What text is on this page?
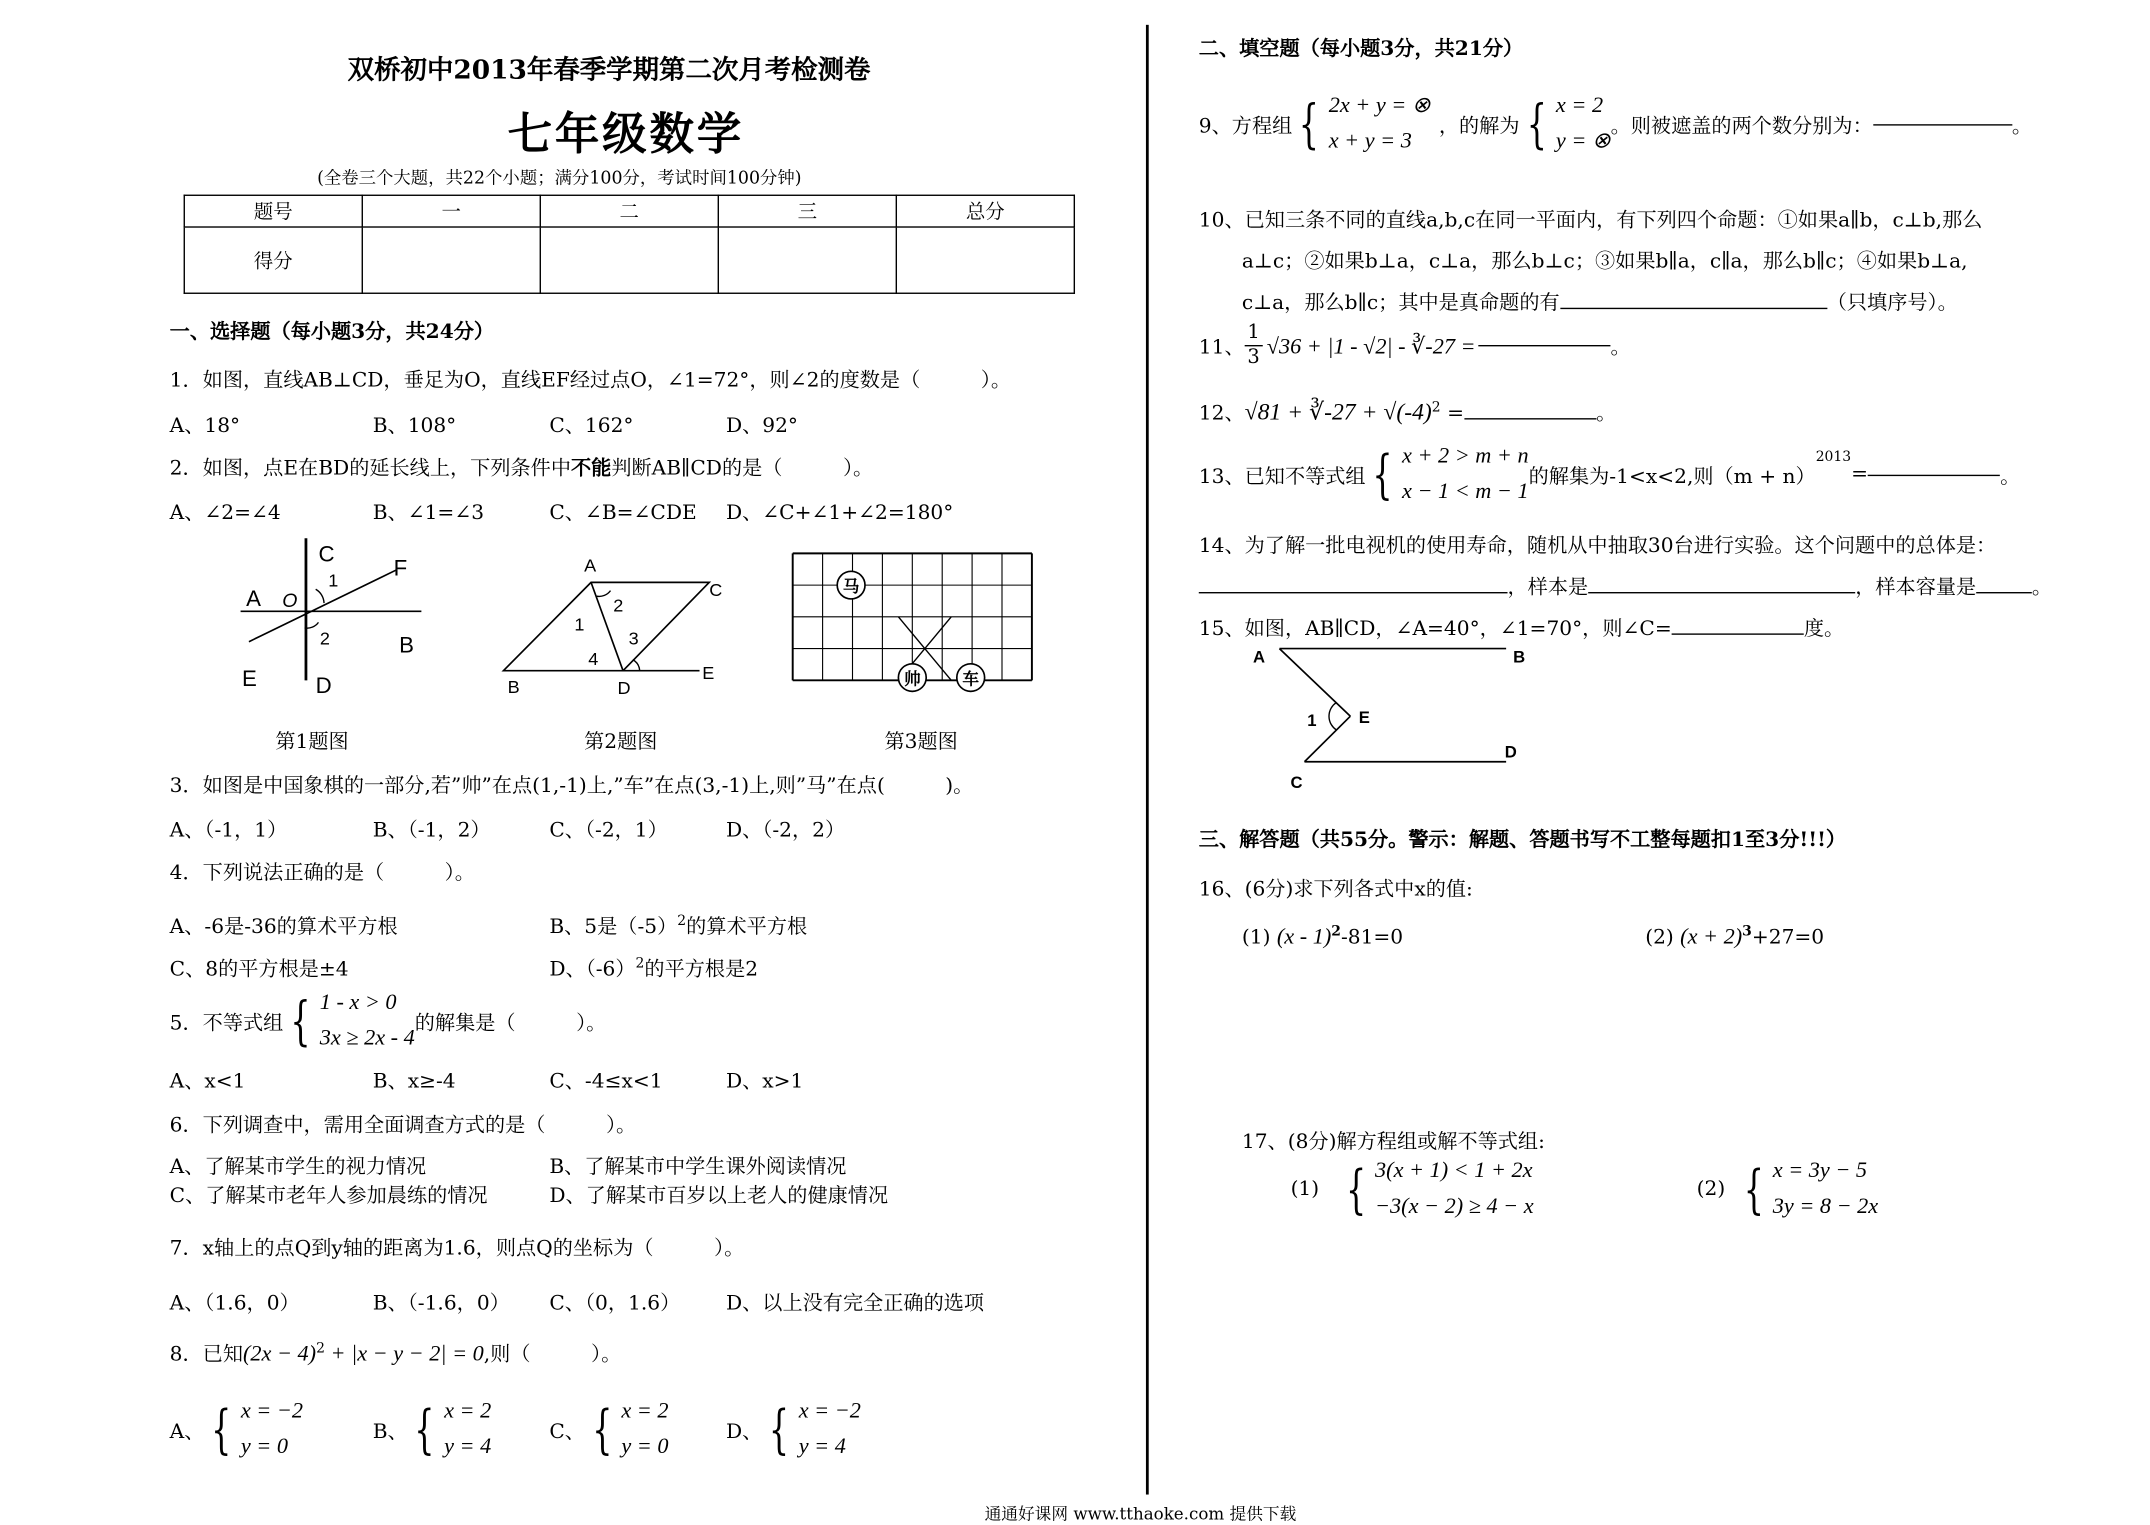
双桥初中2013年春季学期第二次月考检测卷
七年级数学
(全卷三个大题，共22个小题；满分100分，考试时间100分钟)
题号	一	二	三	总分
得分				
一、选择题（每小题3分，共24分）
1．如图，直线AB⊥CD，垂足为O，直线EF经过点O，∠1=72°，则∠2的度数是（　　　）。
A、18°	B、108°	C、162°	D、92°
2．如图，点E在BD的延长线上，下列条件中不能判断AB∥CD的是（　　　）。
A、∠2=∠4	B、∠1=∠3	C、∠B=∠CDE D、∠C+∠1+∠2=180°
A
B
C
D
E
F
O
1
2
A
B
C
D
E
1
2
3
4
马
帅	车
第1题图	第2题图	第3题图
3．如图是中国象棋的一部分,若”帅”在点(1,-1)上,”车”在点(3,-1)上,则”马”在点(　　　)。
A、（-1，1）	B、（-1，2）	C、（-2，1）	D、（-2，2）
4．下列说法正确的是（　　　）。
A、-6是-36的算术平方根	B、5是$(-5)^2$的算术平方根
C、8的平方根是±4	D、$(-6)^2$的平方根是2
5．不等式组 { 1 - x > 0
3x ≥ 2x - 4
的解集是（　　　）。
A、x<1	B、x≥-4	C、-4≤x<1	D、x>1
6．下列调查中，需用全面调查方式的是（　　　）。
A、了解某市学生的视力情况	B、了解某市中学生课外阅读情况
C、了解某市老年人参加晨练的情况	D、了解某市百岁以上老人的健康情况
7．x轴上的点Q到y轴的距离为1.6，则点Q的坐标为（　　　）。
A、（1.6，0）	B、（-1.6，0）	C、（0，1.6）	D、以上没有完全正确的选项
8．已知$(2x - 4)^2 + |x - y - 2| = 0$,则（　　　）。
A、 { x = −2
y = 0
B、 { x = 2
y = 4
C、 { x = 2
y = 0
D、 { x = −2
y = 4
二、填空题（每小题3分，共21分）
9、方程组 { 2x + y = ⊗
x + y = 3
，的解为 { x = 2
y = ⊗
。则被遮盖的两个数分别为：	。
10、已知三条不同的直线a,b,c在同一平面内，有下列四个命题：①如果a∥b，c⊥b,那么
a⊥c；②如果b⊥a，c⊥a，那么b⊥c；③如果b∥a，c∥a，那么b∥c；④如果b⊥a,
c⊥a，那么b∥c；其中是真命题的有	（只填序号）。
11、 $\frac{1}{3} √36 + |1 - √2|$ - ∛-27 =	。
12、√81 + ∛-27 + $√(-4)^2$ =	。
13、已知不等式组 { x + 2 > m + n
x − 1 < m − 1
的解集为-1<x<2,则（m + n）
$^{2013}$
=	。
14、为了解一批电视机的使用寿命，随机从中抽取30台进行实验。这个问题中的总体是：
，样本是	，样本容量是	。
15、如图，AB∥CD，∠A=40°，∠1=70°，则∠C=	度。
A	B
C
D
E
1
三、解答题（共55分。警示：解题、答题书写不工整每题扣1至3分!!!）
16、(6分)求下列各式中x的值:
(1) (x - 1)$^2$-81=0	(2) $(x + 2)^3+27=0$
17、(8分)解方程组或解不等式组:
(1) { 3(x + 1) < 1 + 2x
−3(x − 2) ≥ 4 − x
(2) { x = 3y − 5
3y = 8 − 2x
通通好课网 www.tthaoke.com 提供下载
